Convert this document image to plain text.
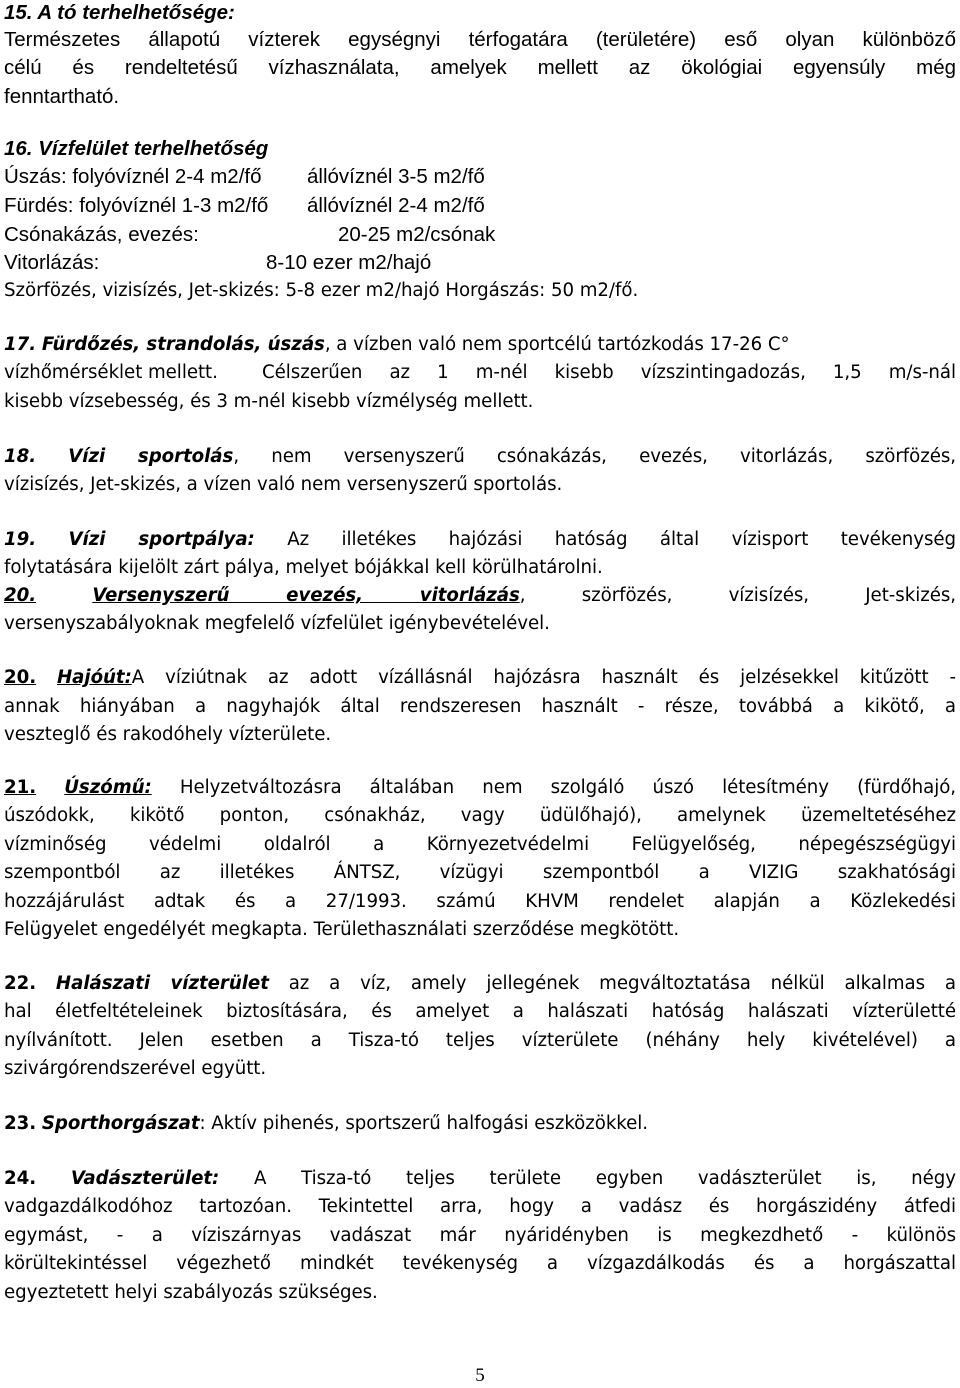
15. A tó terhelhetősége:
Természetes állapotú vízterek egységnyi térfogatára (területére) eső olyan különböző
célú és rendeltetésű vízhasználata, amelyek mellett az ökológiai egyensúly még
fenntartható.
16. Vízfelület terhelhetőség
Úszás: folyóvíznél 2-4 m2/fő állóvíznél 3-5 m2/fő
Fürdés: folyóvíznél 1-3 m2/fő állóvíznél 2-4 m2/fő
Csónakázás, evezés:	20-25 m2/csónak
Vitorlázás:	8-10 ezer m2/hajó
Szörfözés, vizisízés, Jet-skizés: 5-8 ezer m2/hajó Horgászás: 50 m2/fő.
17. Fürdőzés, strandolás, úszás, a vízben való nem sportcélú tartózkodás 17-26 C°
vízhőmérséklet mellett. Célszerűen az 1 m-nél kisebb vízszintingadozás, 1,5 m/s-nál
kisebb vízsebesség, és 3 m-nél kisebb vízmélység mellett.
18. Vízi sportolás, nem versenyszerű csónakázás, evezés, vitorlázás, szörfözés,
vízisízés, Jet-skizés, a vízen való nem versenyszerű sportolás.
19. Vízi sportpálya: Az illetékes hajózási hatóság által vízisport tevékenység
folytatására kijelölt zárt pálya, melyet bójákkal kell körülhatárolni.
20.	Versenyszerű evezés, vitorlázás, szörfözés, vízisízés, Jet-skizés,
versenyszabályoknak megfelelő vízfelület igénybevételével.
20. Hajóút:A víziútnak az adott vízállásnál hajózásra használt és jelzésekkel kitűzött -
annak hiányában a nagyhajók által rendszeresen használt - része, továbbá a kikötő, a
veszteglő és rakodóhely vízterülete.
21. Úszómű: Helyzetváltozásra általában nem szolgáló úszó létesítmény (fürdőhajó,
úszódokk, kikötő ponton, csónakház, vagy üdülőhajó), amelynek üzemeltetéséhez
vízminőség védelmi oldalról a Környezetvédelmi Felügyelőség, népegészségügyi
szempontból az illetékes ÁNTSZ, vízügyi szempontból a VIZIG szakhatósági
hozzájárulást adtak és a 27/1993. számú KHVM rendelet alapján a Közlekedési
Felügyelet engedélyét megkapta. Területhasználati szerződése megkötött.
22. Halászati vízterület az a víz, amely jellegének megváltoztatása nélkül alkalmas a
hal életfeltételeinek biztosítására, és amelyet a halászati hatóság halászati vízterületté
nyílvánított. Jelen esetben a Tisza-tó teljes vízterülete (néhány hely kivételével) a
szivárgórendszerével együtt.
23. Sporthorgászat: Aktív pihenés, sportszerű halfogási eszközökkel.
24. Vadászterület: A Tisza-tó teljes területe egyben vadászterület is, négy
vadgazdálkodóhoz tartozóan. Tekintettel arra, hogy a vadász és horgászidény átfedi
egymást, - a víziszárnyas vadászat már nyáridényben is megkezdhető - különös
körültekintéssel végezhető mindkét tevékenység a vízgazdálkodás és a horgászattal
egyeztetett helyi szabályozás szükséges.
5
